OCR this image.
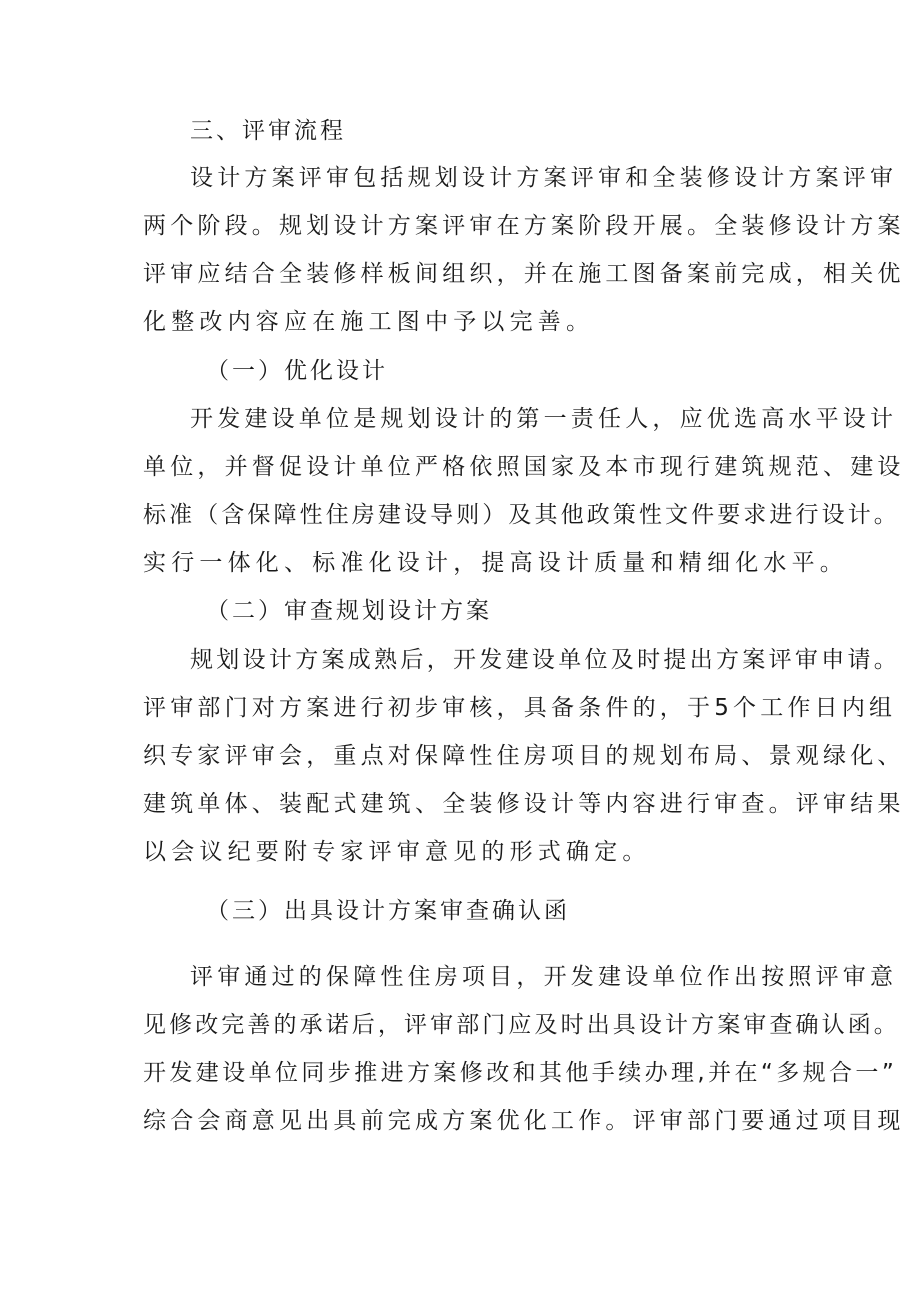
三、评审流程
设计方案评审包括规划设计方案评审和全装修设计方案评审
两个阶段。规划设计方案评审在方案阶段开展。全装修设计方案
评审应结合全装修样板间组织，并在施工图备案前完成，相关优
化整改内容应在施工图中予以完善。
（一）优化设计
开发建设单位是规划设计的第一责任人，应优选高水平设计
单位，并督促设计单位严格依照国家及本市现行建筑规范、建设
标准（含保障性住房建设导则）及其他政策性文件要求进行设计。
实行一体化、标准化设计，提高设计质量和精细化水平。
（二）审查规划设计方案
规划设计方案成熟后，开发建设单位及时提出方案评审申请。
评审部门对方案进行初步审核，具备条件的，于5个工作日内组
织专家评审会，重点对保障性住房项目的规划布局、景观绿化、
建筑单体、装配式建筑、全装修设计等内容进行审查。评审结果
以会议纪要附专家评审意见的形式确定。
（三）出具设计方案审查确认函
评审通过的保障性住房项目，开发建设单位作出按照评审意
见修改完善的承诺后，评审部门应及时出具设计方案审查确认函。
开发建设单位同步推进方案修改和其他手续办理,并在“多规合一”
综合会商意见出具前完成方案优化工作。评审部门要通过项目现
